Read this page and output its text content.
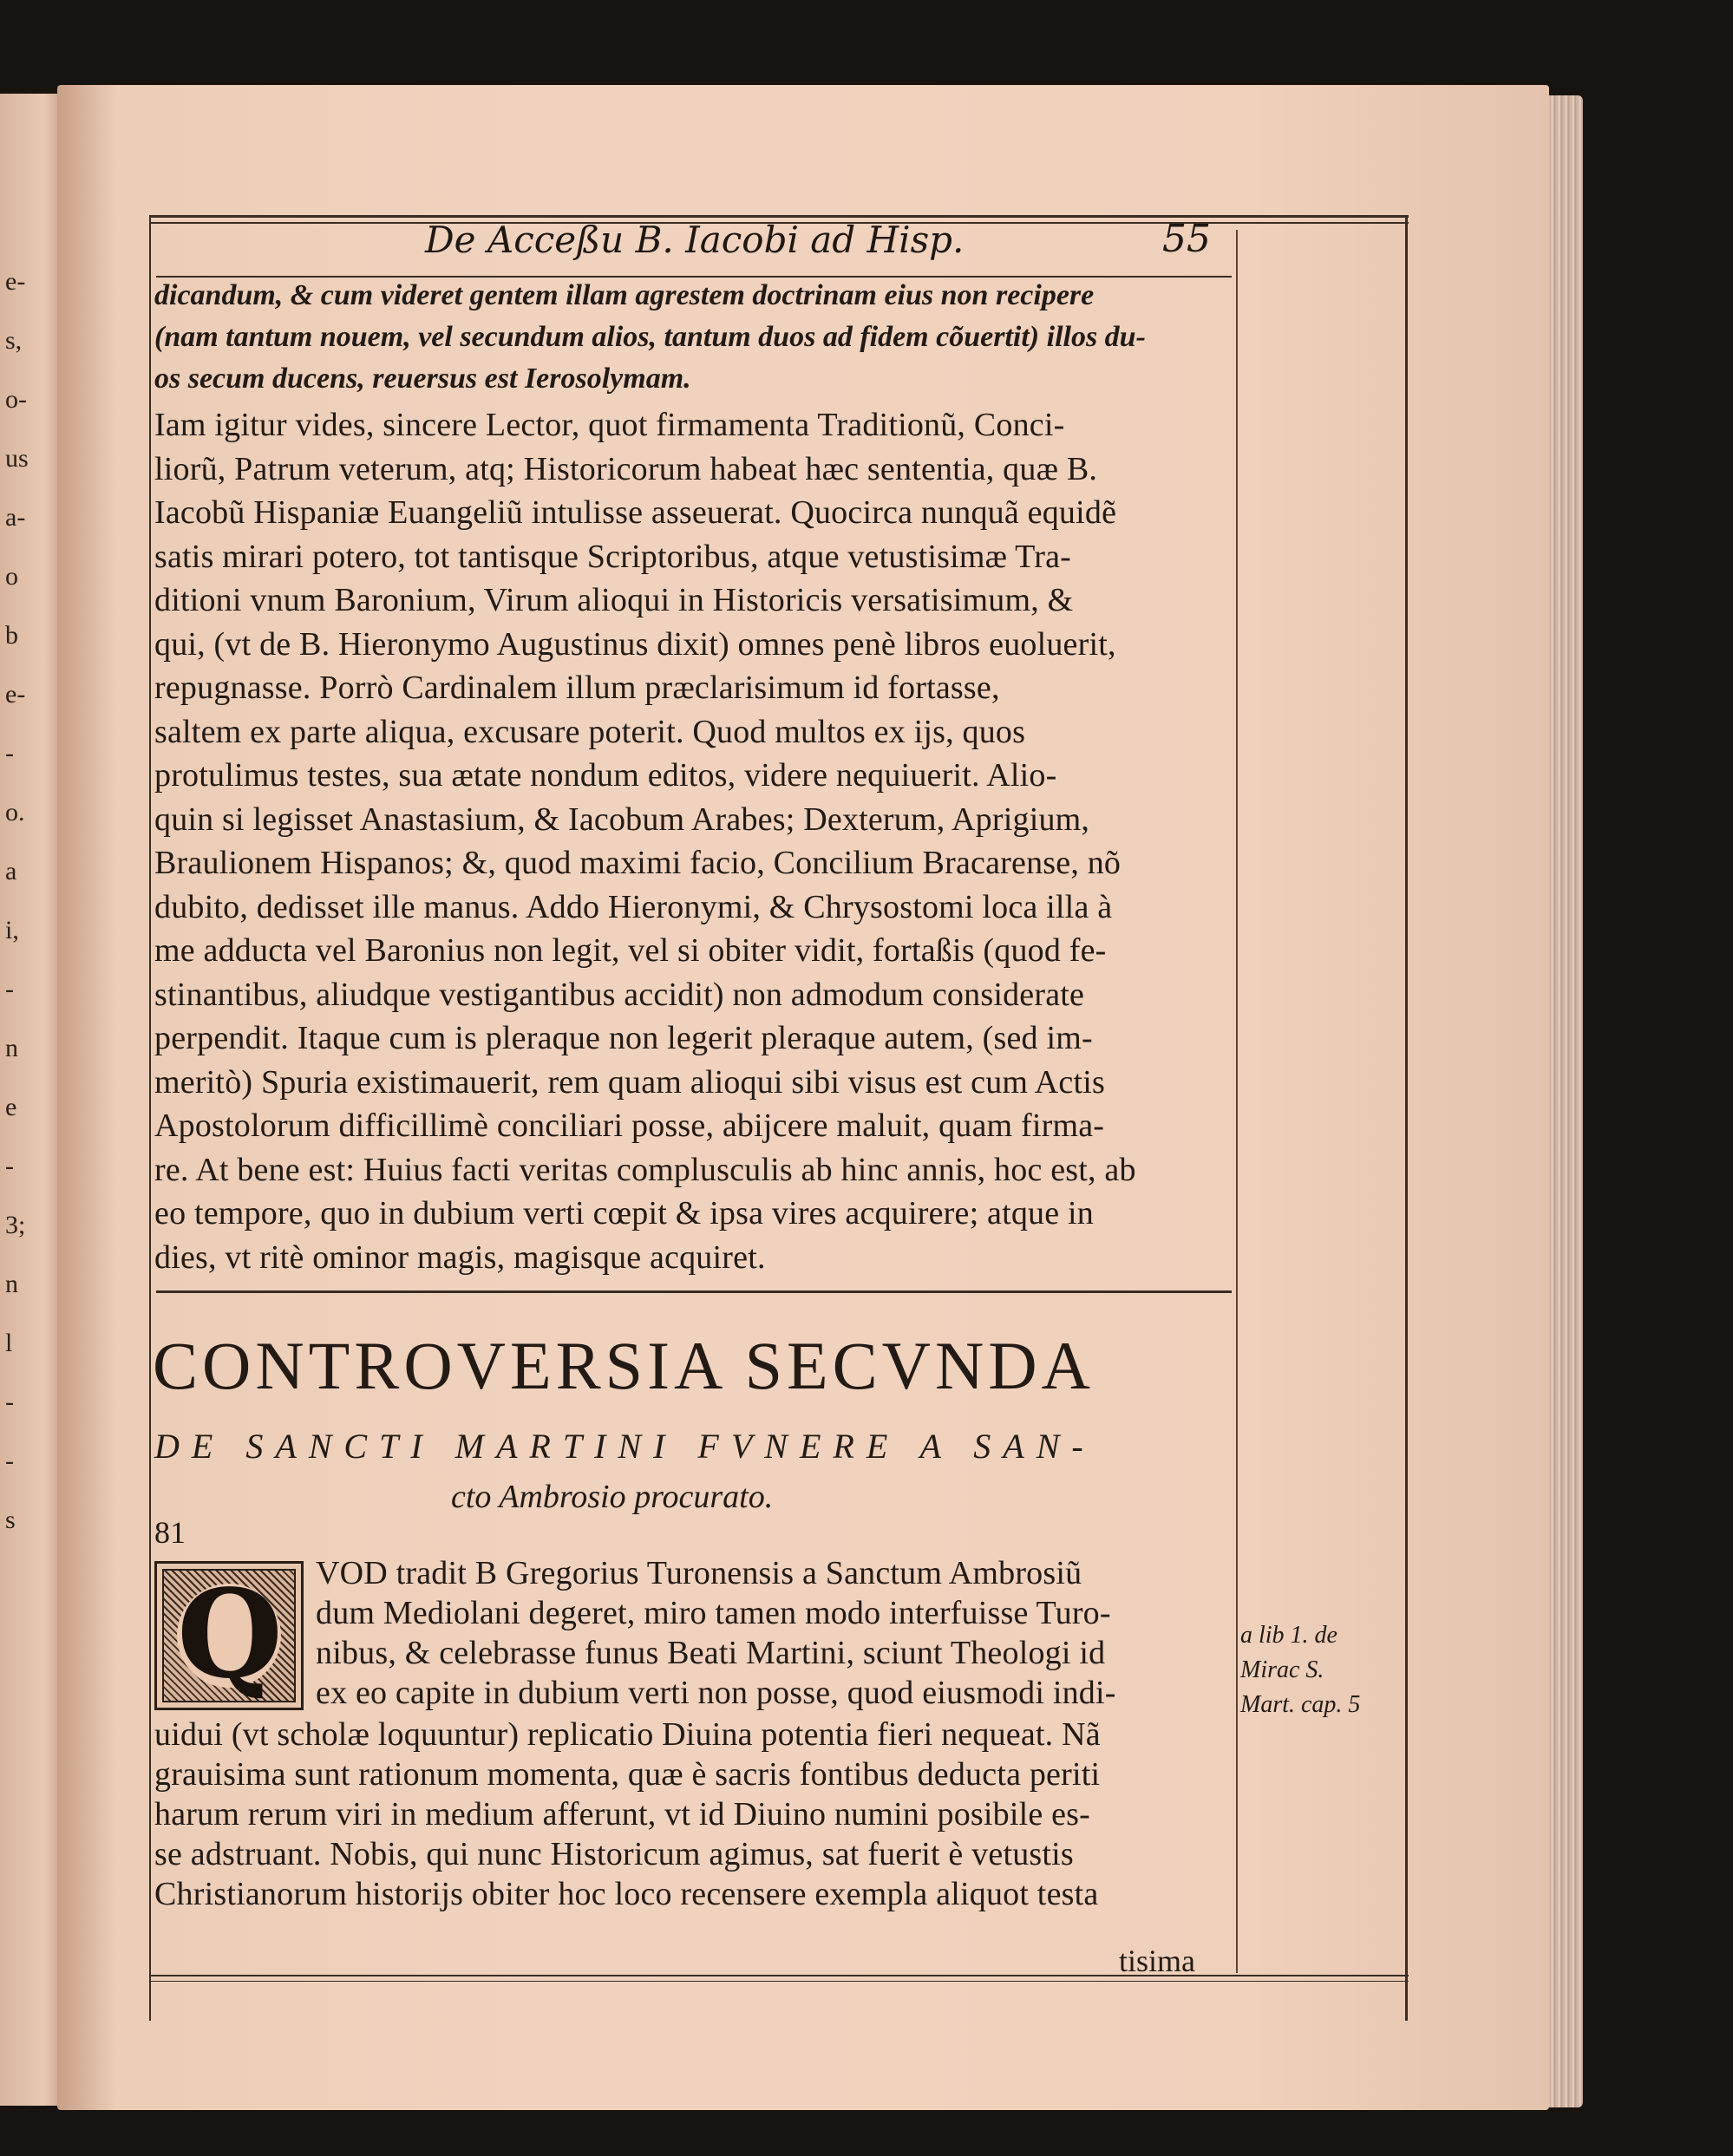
e-
s,
o-
us
a-
o
b
e-
-
o.
a
i,
-
n
e
-
3;
n
l
-
-
s
De Acceßu B. Iacobi ad Hisp.	55
dicandum, & cum videret gentem illam agrestem doctrinam eius non recipere
(nam tantum nouem, vel secundum alios, tantum duos ad fidem cõuertit) illos du-
os secum ducens, reuersus est Ierosolymam.
Iam igitur vides, sincere Lector, quot firmamenta Traditionũ, Conci-
liorũ, Patrum veterum, atq; Historicorum habeat hæc sententia, quæ B.
Iacobũ Hispaniæ Euangeliũ intulisse asseuerat. Quocirca nunquã equidẽ
satis mirari potero, tot tantisque Scriptoribus, atque vetustisimæ Tra-
ditioni vnum Baronium, Virum alioqui in Historicis versatisimum, &
qui, (vt de B. Hieronymo Augustinus dixit) omnes penè libros euoluerit,
repugnasse. Porrò Cardinalem illum præclarisimum id fortasse,
saltem ex parte aliqua, excusare poterit. Quod multos ex ijs, quos
protulimus testes, sua ætate nondum editos, videre nequiuerit. Alio-
quin si legisset Anastasium, & Iacobum Arabes; Dexterum, Aprigium,
Braulionem Hispanos; &, quod maximi facio, Concilium Bracarense, nõ
dubito, dedisset ille manus. Addo Hieronymi, & Chrysostomi loca illa à
me adducta vel Baronius non legit, vel si obiter vidit, fortaßis (quod fe-
stinantibus, aliudque vestigantibus accidit) non admodum considerate
perpendit. Itaque cum is pleraque non legerit pleraque autem, (sed im-
meritò) Spuria existimauerit, rem quam alioqui sibi visus est cum Actis
Apostolorum difficillimè conciliari posse, abijcere maluit, quam firma-
re. At bene est: Huius facti veritas complusculis ab hinc annis, hoc est, ab
eo tempore, quo in dubium verti cœpit & ipsa vires acquirere; atque in
dies, vt ritè ominor magis, magisque acquiret.
CONTROVERSIA SECVNDA
DE SANCTI MARTINI FVNERE A SAN-
cto Ambrosio procurato.
81
Q VOD tradit B Gregorius Turonensis a Sanctum Ambrosiũ
dum Mediolani degeret, miro tamen modo interfuisse Turo-
nibus, & celebrasse funus Beati Martini, sciunt Theologi id
ex eo capite in dubium verti non posse, quod eiusmodi indi-
uidui (vt scholæ loquuntur) replicatio Diuina potentia fieri nequeat. Nã
grauisima sunt rationum momenta, quæ è sacris fontibus deducta periti
harum rerum viri in medium afferunt, vt id Diuino numini posibile es-
se adstruant. Nobis, qui nunc Historicum agimus, sat fuerit è vetustis
Christianorum historijs obiter hoc loco recensere exempla aliquot testa
a lib 1. de
Mirac S.
Mart. cap. 5
tisima
